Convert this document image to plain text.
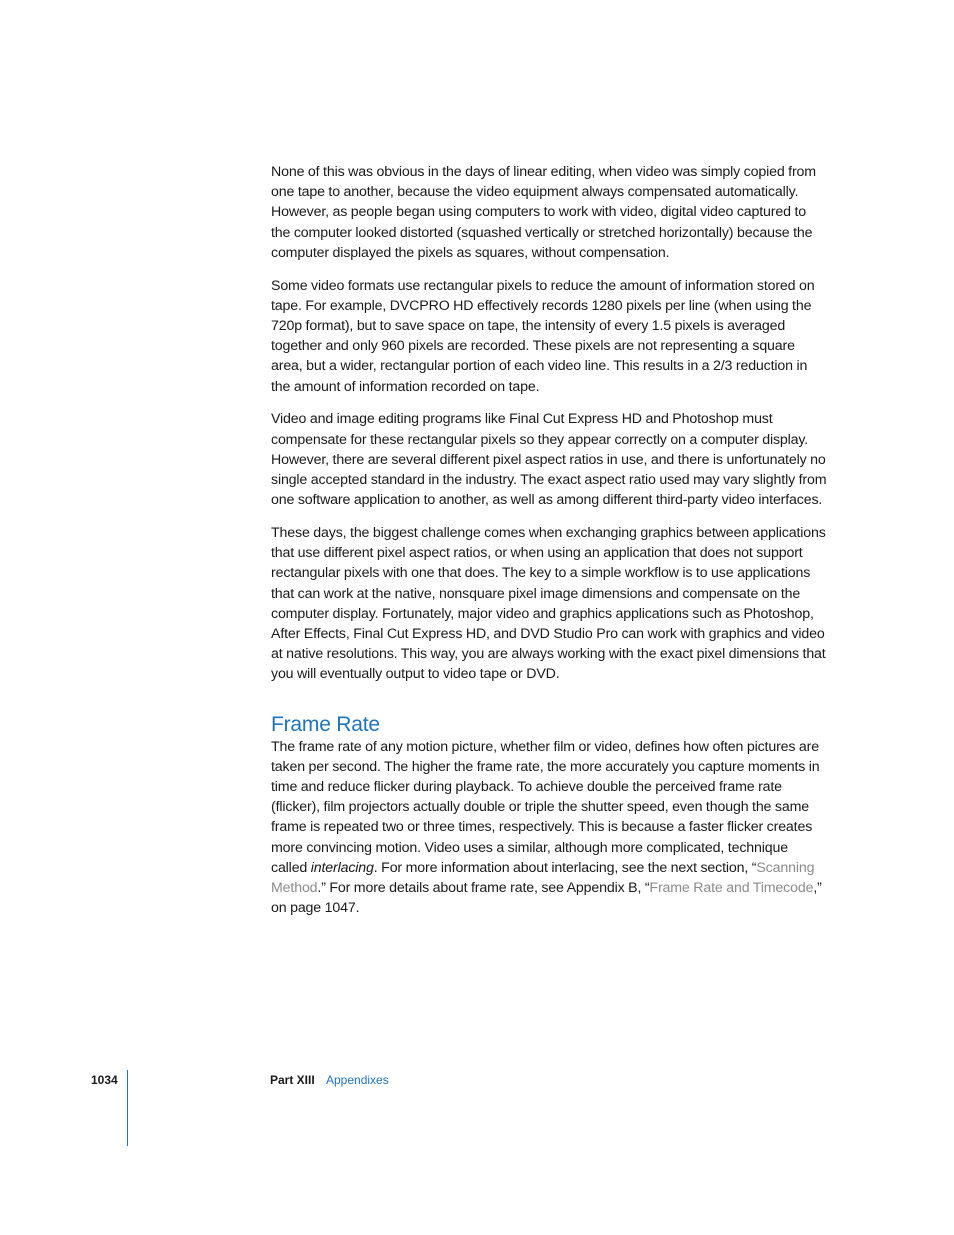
None of this was obvious in the days of linear editing, when video was simply copied from one tape to another, because the video equipment always compensated automatically. However, as people began using computers to work with video, digital video captured to the computer looked distorted (squashed vertically or stretched horizontally) because the computer displayed the pixels as squares, without compensation.

Some video formats use rectangular pixels to reduce the amount of information stored on tape. For example, DVCPRO HD effectively records 1280 pixels per line (when using the 720p format), but to save space on tape, the intensity of every 1.5 pixels is averaged together and only 960 pixels are recorded. These pixels are not representing a square area, but a wider, rectangular portion of each video line. This results in a 2/3 reduction in the amount of information recorded on tape.

Video and image editing programs like Final Cut Express HD and Photoshop must compensate for these rectangular pixels so they appear correctly on a computer display. However, there are several different pixel aspect ratios in use, and there is unfortunately no single accepted standard in the industry. The exact aspect ratio used may vary slightly from one software application to another, as well as among different third-party video interfaces.

These days, the biggest challenge comes when exchanging graphics between applications that use different pixel aspect ratios, or when using an application that does not support rectangular pixels with one that does. The key to a simple workflow is to use applications that can work at the native, nonsquare pixel image dimensions and compensate on the computer display. Fortunately, major video and graphics applications such as Photoshop, After Effects, Final Cut Express HD, and DVD Studio Pro can work with graphics and video at native resolutions. This way, you are always working with the exact pixel dimensions that you will eventually output to video tape or DVD.

Frame Rate

The frame rate of any motion picture, whether film or video, defines how often pictures are taken per second. The higher the frame rate, the more accurately you capture moments in time and reduce flicker during playback. To achieve double the perceived frame rate (flicker), film projectors actually double or triple the shutter speed, even though the same frame is repeated two or three times, respectively. This is because a faster flicker creates more convincing motion. Video uses a similar, although more complicated, technique called interlacing. For more information about interlacing, see the next section, “Scanning Method.” For more details about frame rate, see Appendix B, “Frame Rate and Timecode,” on page 1047.

1034	Part XIII Appendixes
